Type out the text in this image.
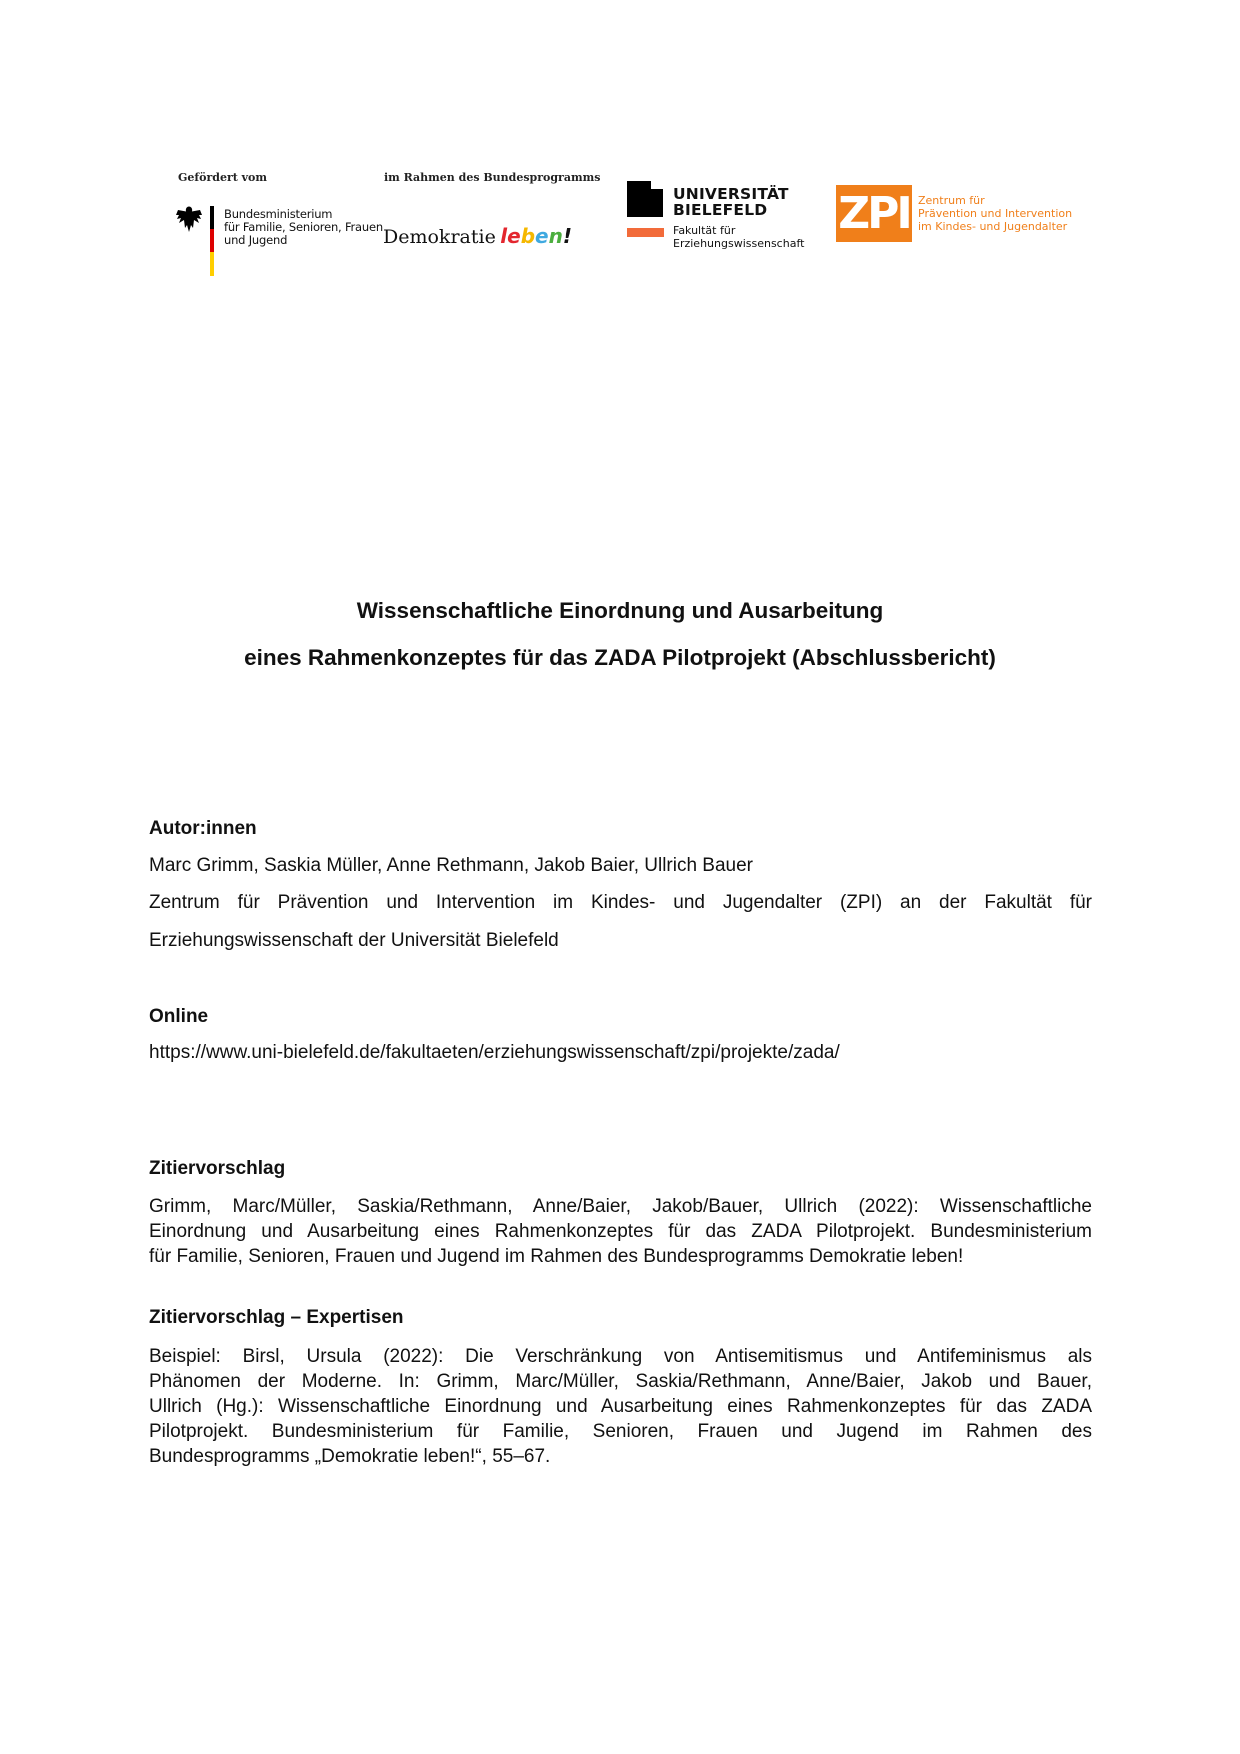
Gefördert vom
Bundesministerium
für Familie, Senioren, Frauen
und Jugend
im Rahmen des Bundesprogramms
Demokratie leben!
UNIVERSITÄT
BIELEFELD
Fakultät für
Erziehungswissenschaft
ZPI Zentrum für
Prävention und Intervention
im Kindes- und Jugendalter
Wissenschaftliche Einordnung und Ausarbeitung
eines Rahmenkonzeptes für das ZADA Pilotprojekt (Abschlussbericht)
Autor:innen
Marc Grimm, Saskia Müller, Anne Rethmann, Jakob Baier, Ullrich Bauer
Zentrum für Prävention und Intervention im Kindes- und Jugendalter (ZPI) an der Fakultät für
Erziehungswissenschaft der Universität Bielefeld
Online
https://www.uni-bielefeld.de/fakultaeten/erziehungswissenschaft/zpi/projekte/zada/
Zitiervorschlag
Grimm, Marc/Müller, Saskia/Rethmann, Anne/Baier, Jakob/Bauer, Ullrich (2022): Wissenschaftliche
Einordnung und Ausarbeitung eines Rahmenkonzeptes für das ZADA Pilotprojekt. Bundesministerium
für Familie, Senioren, Frauen und Jugend im Rahmen des Bundesprogramms Demokratie leben!
Zitiervorschlag – Expertisen
Beispiel: Birsl, Ursula (2022): Die Verschränkung von Antisemitismus und Antifeminismus als
Phänomen der Moderne. In: Grimm, Marc/Müller, Saskia/Rethmann, Anne/Baier, Jakob und Bauer,
Ullrich (Hg.): Wissenschaftliche Einordnung und Ausarbeitung eines Rahmenkonzeptes für das ZADA
Pilotprojekt. Bundesministerium für Familie, Senioren, Frauen und Jugend im Rahmen des
Bundesprogramms „Demokratie leben!“, 55–67.
